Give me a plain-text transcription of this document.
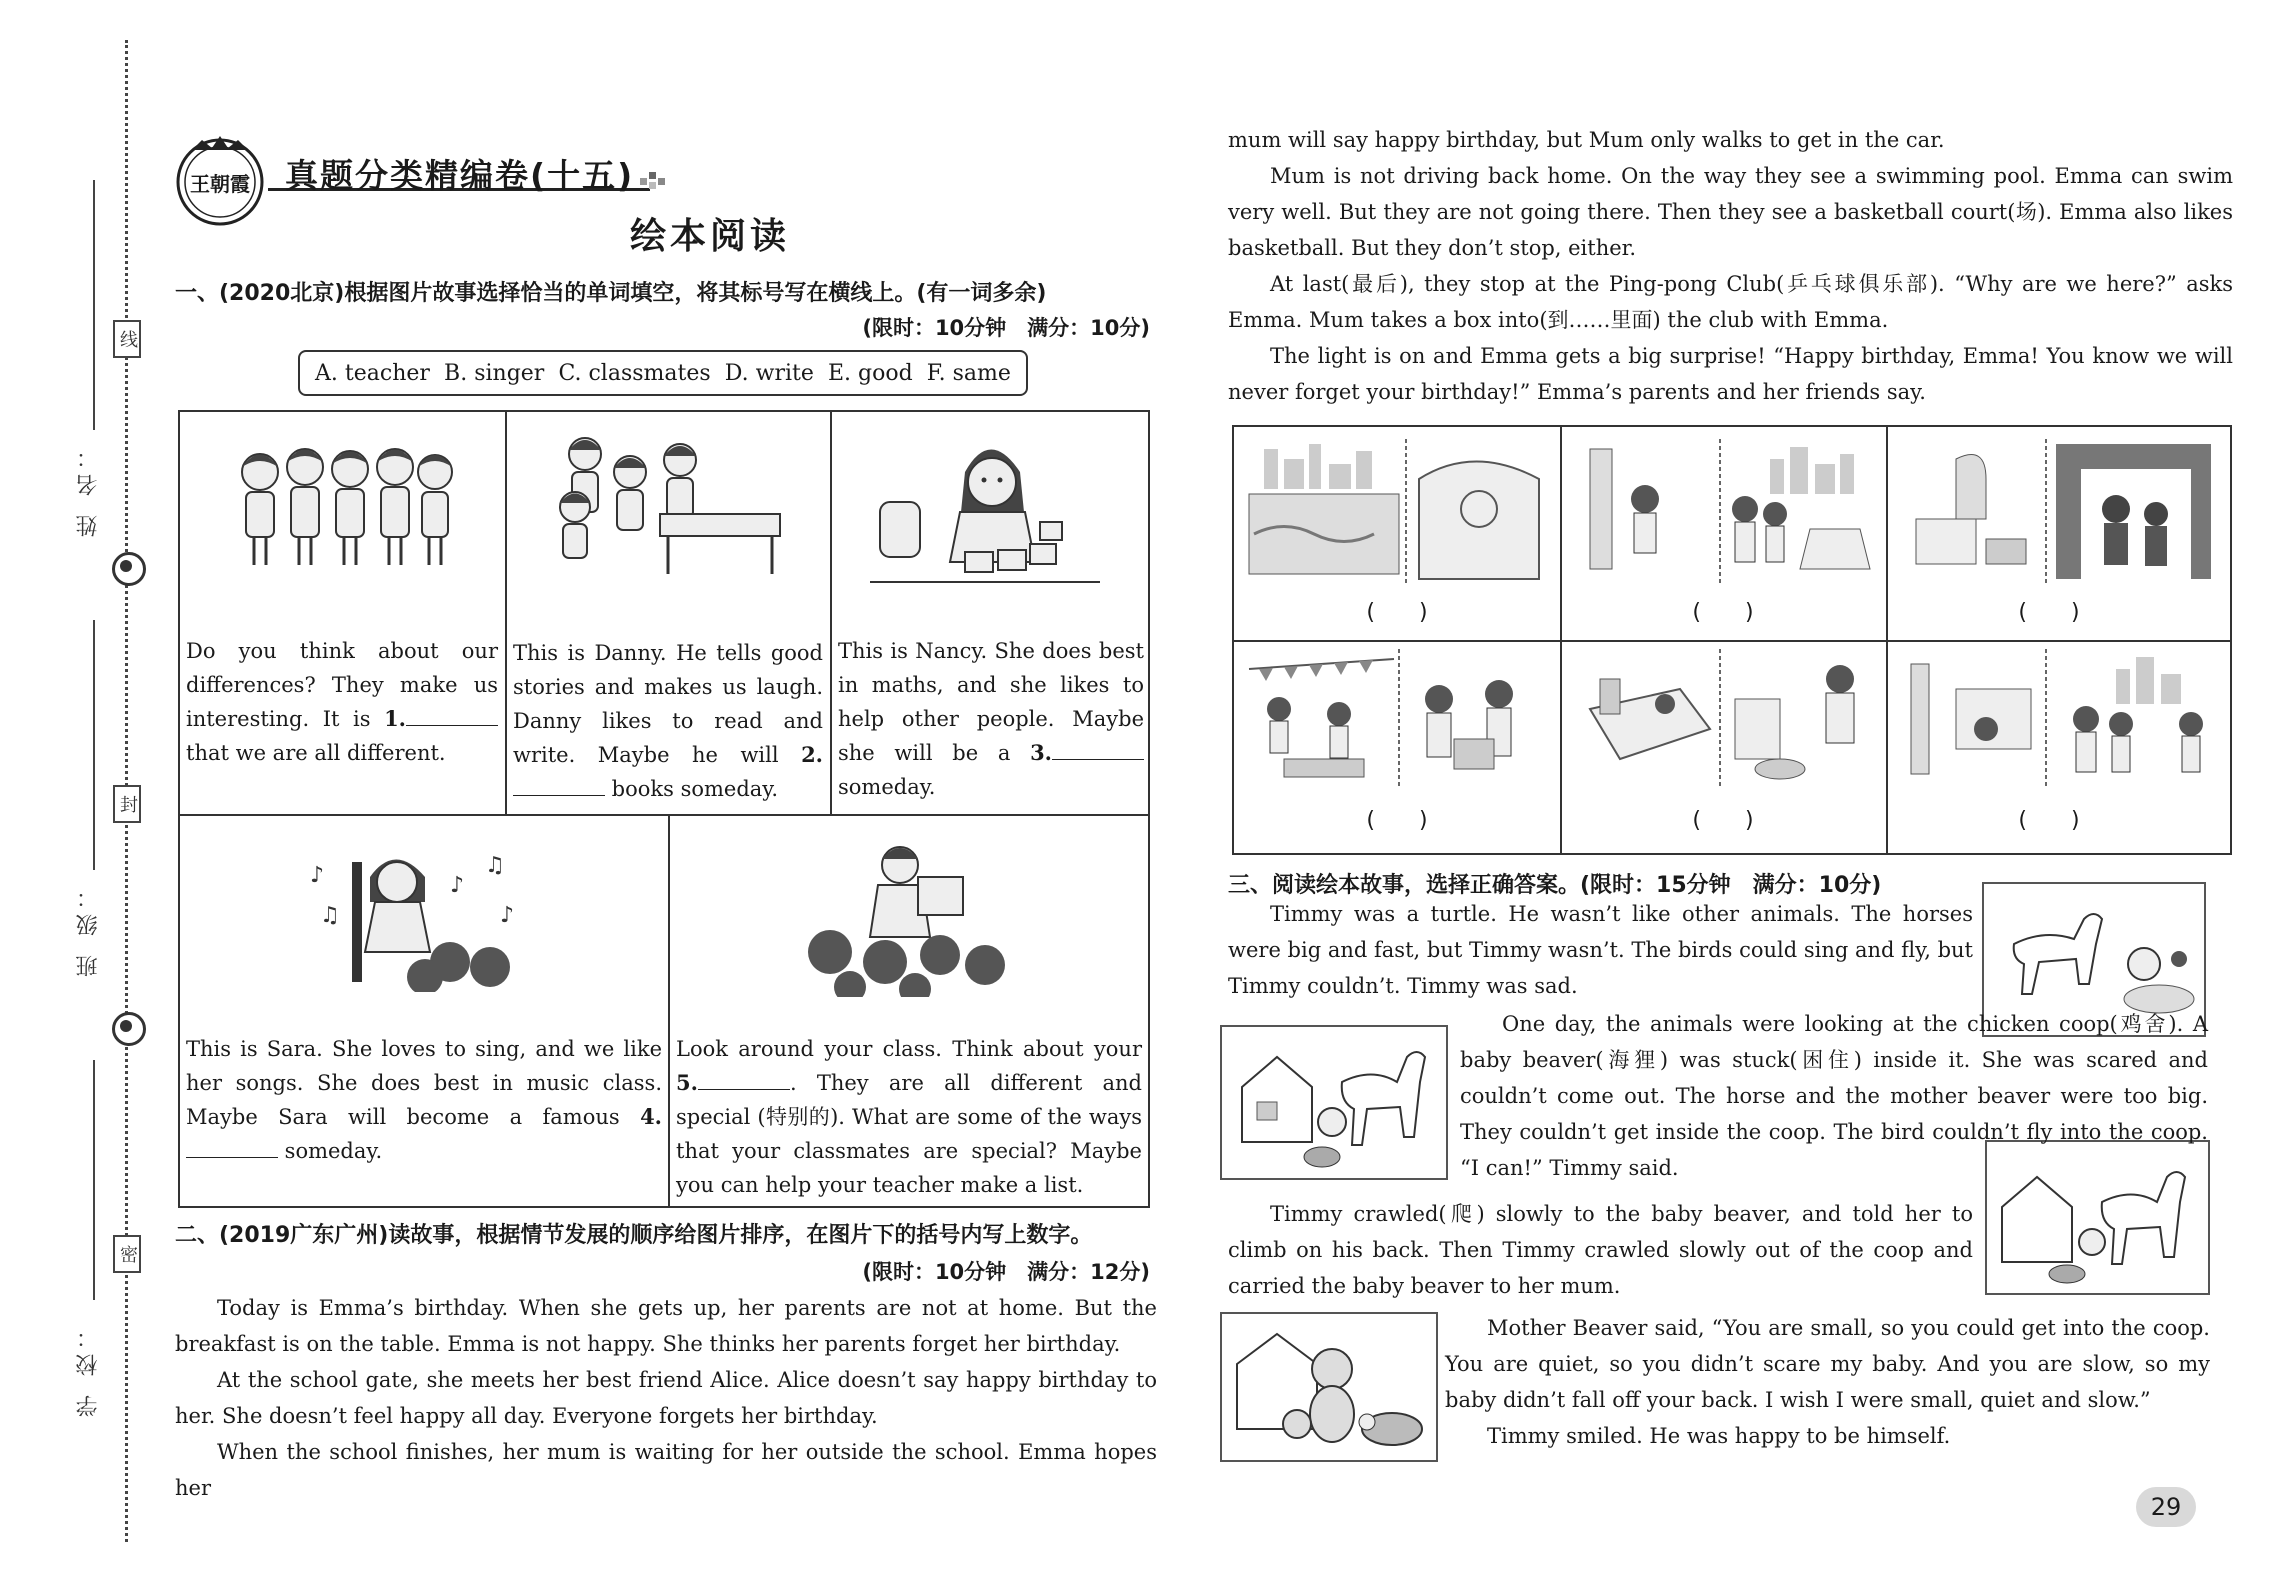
姓 名：
班 级：
学 校：
线
封
密
王朝霞 真题分类精编卷(十五)
绘本阅读
一、(2020北京)根据图片故事选择恰当的单词填空，将其标号写在横线上。(有一词多余)
(限时：10分钟　满分：10分)
A. teacher B. singer C. classmates D. write E. good F. same
♪
♫
♪
♫
♪
Do you think about our differences? They make us interesting. It is 1. that we are all different.
This is Danny. He tells good stories and makes us laugh. Danny likes to read and write. Maybe he will 2. books someday.
This is Nancy. She does best in maths, and she likes to help other people. Maybe she will be a 3. someday.
This is Sara. She loves to sing, and we like her songs. She does best in music class. Maybe Sara will become a famous 4. someday.
Look around your class. Think about your 5.	. They are all different and special (特别的). What are some of the ways that your classmates are special? Maybe you can help your teacher make a list.
二、(2019广东广州)读故事，根据情节发展的顺序给图片排序，在图片下的括号内写上数字。
(限时：10分钟　满分：12分)
Today is Emma’s birthday. When she gets up, her parents are not at home. But the breakfast is on the table. Emma is not happy. She thinks her parents forget her birthday.
At the school gate, she meets her best friend Alice. Alice doesn’t say happy birthday to her. She doesn’t feel happy all day. Everyone forgets her birthday.
When the school finishes, her mum is waiting for her outside the school. Emma hopes her
mum will say happy birthday, but Mum only walks to get in the car.
Mum is not driving back home. On the way they see a swimming pool. Emma can swim very well. But they are not going there. Then they see a basketball court(场). Emma also likes basketball. But they don’t stop, either.
At last(最后), they stop at the Ping-pong Club(乒乓球俱乐部). “Why are we here?” asks Emma. Mum takes a box into(到……里面) the club with Emma.
The light is on and Emma gets a big surprise! “Happy birthday, Emma! You know we will never forget your birthday!” Emma’s parents and her friends say.
(　　)	(　　)	(　　)
(　　)	(　　)	(　　)
三、阅读绘本故事，选择正确答案。(限时：15分钟　满分：10分)
Timmy was a turtle. He wasn’t like other animals. The horses were big and fast, but Timmy wasn’t. The birds could sing and fly, but Timmy couldn’t. Timmy was sad.
One day, the animals were looking at the chicken coop(鸡舍). A baby beaver(海狸) was stuck(困住) inside it. She was scared and couldn’t come out. The horse and the mother beaver were too big. They couldn’t get inside the coop. The bird couldn’t fly into the coop. “I can!” Timmy said.
Timmy crawled(爬) slowly to the baby beaver, and told her to climb on his back. Then Timmy crawled slowly out of the coop and carried the baby beaver to her mum.
Mother Beaver said, “You are small, so you could get into the coop. You are quiet, so you didn’t scare my baby. And you are slow, so my baby didn’t fall off your back. I wish I were small, quiet and slow.”
Timmy smiled. He was happy to be himself.
29
